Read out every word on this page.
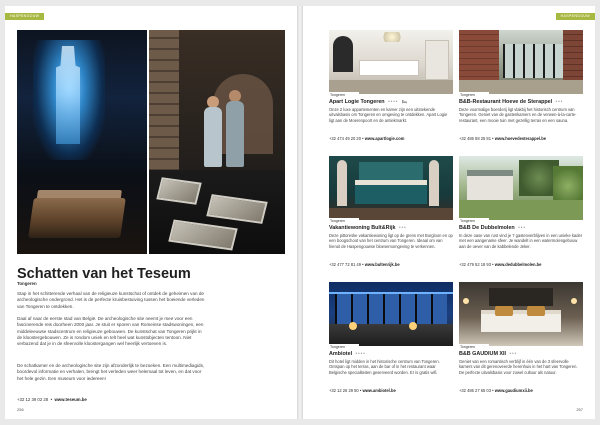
HASPENGOUW
Schatten van het Teseum
Tongeren

Stap in het schitterende verhaal van de religieuze kunstschat of ontdek de geheimen van de archeologische ondergrond. Het is de perfecte kruisbestuiving tussen het boeiende verleden van Tongeren te ontdekken.

Daal af naar de eerste stad van België. De archeologische site neemt je mee voor een fascinerende reis doorheen 2000 jaar. Je stuit er sporen van Romeinse stadswoningen, een middeleeuwse stadscentrum en religieuze gebouwen. De kunstschat van Tongeren prijkt in de kloostergebouwen. Ze is rondom uniek en telt heel wat kunstobjecten tentoon. Niet verbazend dat je in de sfeervolle kloostergangen wel heerlijk vertoeven is.

De schatkamer en de archeologische site zijn afzonderlijk te bezoeken. Een multimediagids, boordevol informatie en verhalen, brengt het verleden weer helemaal tot leven, en dat voor het hele gezin. Een museum voor iedereen!

+32 12 39 02 28  •  www.teseum.be
256
HASPENGOUW
Tongeren
Apart Logie Tongeren **** 🛏
Onze 2 luxe appartementen en kamer zijn een uitstekende uitvalsbasis om Tongeren en omgeving te ontdekken. Apart Logie ligt aan de Moerenpoort en de antiekmarkt.
+32 474 49 20 20 • www.apartlogie.com
Tongeren
B&B-Restaurant Hoeve de Sterappel ***
Deze voormalige boerderij ligt vlakbij het historisch centrum van Tongeren. Geniet van de gastenkamers en de verwen-à-la-carte-restaurant, een mooie tuin met gezellig terras en een sauna.
+32 486 58 25 81 • www.hoevedesterappel.be
Tongeren
Vakantiewoning Bult&Rijk ***
Deze pittoreske vakantiewoning ligt op de grens met Borgloon en op een boogschoot van het centrum van Tongeren. Ideaal om van hieruit de Haspengouwse bloesemomgeving te verkennen.
+32 477 72 81 49 • www.bultenrijk.be
Tongeren
B&B De Dubbelmolen ***
In deze oase van rust vind je 7 gastenverblijven in een unieke kader met een aangename sfeer. Je wandelt in een watermolengebouw aan de oever van de kabbelende Jeker.
+32 479 52 18 93 • www.dedubbelmolen.be
Tongeren
Ambiotel ****
Dit hotel ligt midden in het historische centrum van Tongeren. Ontspan op het terras, aan de bar of in het restaurant waar Belgische specialiteiten geserveerd worden. Er is gratis wifi.
+32 12 26 29 50 • www.ambiotel.be
Tongeren
B&B GAUDIUM XII ***
Geniet van een romantisch verblijf in één van de 3 sfeervolle kamers van dit gerenoveerde herenhuis in het hart van Tongeren. De perfecte uitvalsbasis voor zowel cultuur als natuur.
+32 486 27 65 03 • www.gaudiumxii.be
257
